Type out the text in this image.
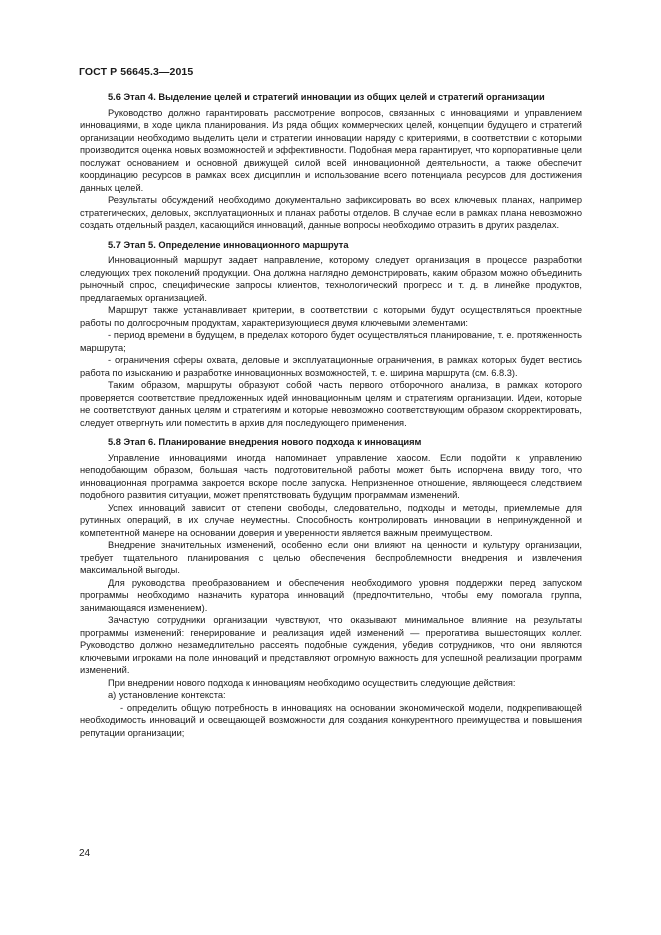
ГОСТ Р 56645.3—2015

5.6 Этап 4. Выделение целей и стратегий инновации из общих целей и стратегий организации

Руководство должно гарантировать рассмотрение вопросов, связанных с инновациями и управлением инновациями, в ходе цикла планирования. Из ряда общих коммерческих целей, концепции будущего и стратегий организации необходимо выделить цели и стратегии инновации наряду с критериями, в соответствии с которыми производится оценка новых возможностей и эффективности. Подобная мера гарантирует, что корпоративные цели послужат основанием и основной движущей силой всей инновационной деятельности, а также обеспечит координацию ресурсов в рамках всех дисциплин и использование всего потенциала ресурсов для достижения данных целей.

Результаты обсуждений необходимо документально зафиксировать во всех ключевых планах, например стратегических, деловых, эксплуатационных и планах работы отделов. В случае если в рамках плана невозможно создать отдельный раздел, касающийся инноваций, данные вопросы необходимо отразить в других разделах.

5.7 Этап 5. Определение инновационного маршрута

Инновационный маршрут задает направление, которому следует организация в процессе разработки следующих трех поколений продукции. Она должна наглядно демонстрировать, каким образом можно объединить рыночный спрос, специфические запросы клиентов, технологический прогресс и т. д. в линейке продуктов, предлагаемых организацией.

Маршрут также устанавливает критерии, в соответствии с которыми будут осуществляться проектные работы по долгосрочным продуктам, характеризующиеся двумя ключевыми элементами:

- период времени в будущем, в пределах которого будет осуществляться планирование, т. е. протяженность маршрута;

- ограничения сферы охвата, деловые и эксплуатационные ограничения, в рамках которых будет вестись работа по изысканию и разработке инновационных возможностей, т. е. ширина маршрута (см. 6.8.3).

Таким образом, маршруты образуют собой часть первого отборочного анализа, в рамках которого проверяется соответствие предложенных идей инновационным целям и стратегиям организации. Идеи, которые не соответствуют данных целям и стратегиям и которые невозможно соответствующим образом скорректировать, следует отвергнуть или поместить в архив для последующего применения.

5.8 Этап 6. Планирование внедрения нового подхода к инновациям

Управление инновациями иногда напоминает управление хаосом. Если подойти к управлению неподобающим образом, большая часть подготовительной работы может быть испорчена ввиду того, что инновационная программа закроется вскоре после запуска. Непризненное отношение, являющееся следствием подобного развития ситуации, может препятствовать будущим программам изменений.

Успех инноваций зависит от степени свободы, следовательно, подходы и методы, приемлемые для рутинных операций, в их случае неуместны. Способность контролировать инновации в непринужденной и компетентной манере на основании доверия и уверенности является важным преимуществом.

Внедрение значительных изменений, особенно если они влияют на ценности и культуру организации, требует тщательного планирования с целью обеспечения беспроблемности внедрения и извлечения максимальной выгоды.

Для руководства преобразованием и обеспечения необходимого уровня поддержки перед запуском программы необходимо назначить куратора инноваций (предпочтительно, чтобы ему помогала группа, занимающаяся изменением).

Зачастую сотрудники организации чувствуют, что оказывают минимальное влияние на результаты программы изменений: генерирование и реализация идей изменений — прерогатива вышестоящих коллег. Руководство должно незамедлительно рассеять подобные суждения, убедив сотрудников, что они являются ключевыми игроками на поле инноваций и представляют огромную важность для успешной реализации программ изменений.

При внедрении нового подхода к инновациям необходимо осуществить следующие действия:

а) установление контекста:

- определить общую потребность в инновациях на основании экономической модели, подкрепивающей необходимость инноваций и освещающей возможности для создания конкурентного преимущества и повышения репутации организации;

24
